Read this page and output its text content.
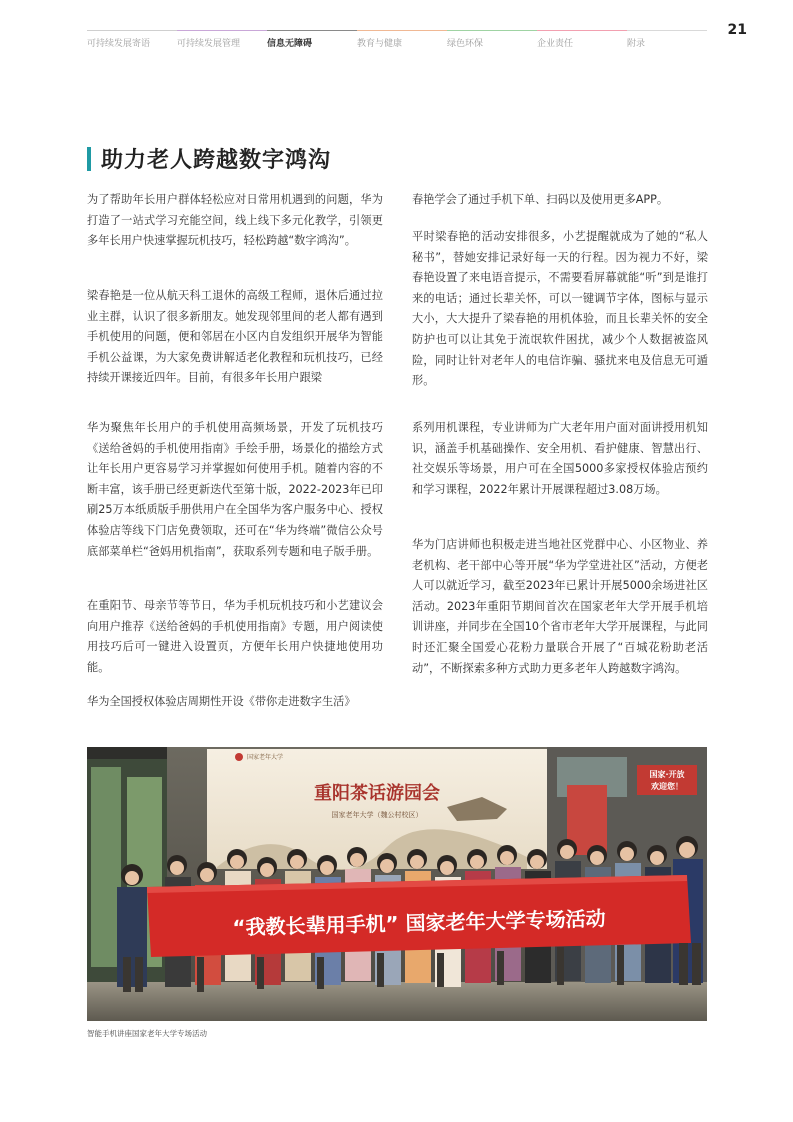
可持续发展寄语	可持续发展管理	信息无障碍	教育与健康	绿色环保	企业责任	附录
21
助力老人跨越数字鸿沟

为了帮助年长用户群体轻松应对日常用机遇到的问题，华为打造了一站式学习充能空间，线上线下多元化教学，引领更多年长用户快速掌握玩机技巧，轻松跨越“数字鸿沟”。

梁春艳是一位从航天科工退休的高级工程师，退休后通过拉业主群，认识了很多新朋友。她发现邻里间的老人都有遇到手机使用的问题，便和邻居在小区内自发组织开展华为智能手机公益课，为大家免费讲解适老化教程和玩机技巧，已经持续开课接近四年。目前，有很多年长用户跟梁

春艳学会了通过手机下单、扫码以及使用更多APP。

平时梁春艳的活动安排很多，小艺提醒就成为了她的“私人秘书”，替她安排记录好每一天的行程。因为视力不好，梁春艳设置了来电语音提示，不需要看屏幕就能“听”到是谁打来的电话；通过长辈关怀，可以一键调节字体，图标与显示大小，大大提升了梁春艳的用机体验，而且长辈关怀的安全防护也可以让其免于流氓软件困扰，减少个人数据被盗风险，同时让针对老年人的电信诈骗、骚扰来电及信息无可遁形。

华为聚焦年长用户的手机使用高频场景，开发了玩机技巧《送给爸妈的手机使用指南》手绘手册，场景化的描绘方式让年长用户更容易学习并掌握如何使用手机。随着内容的不断丰富，该手册已经更新迭代至第十版，2022-2023年已印刷25万本纸质版手册供用户在全国华为客户服务中心、授权体验店等线下门店免费领取，还可在“华为终端”微信公众号底部菜单栏“爸妈用机指南”，获取系列专题和电子版手册。

在重阳节、母亲节等节日，华为手机玩机技巧和小艺建议会向用户推荐《送给爸妈的手机使用指南》专题，用户阅读使用技巧后可一键进入设置页，方便年长用户快捷地使用功能。

华为全国授权体验店周期性开设《带你走进数字生活》

系列用机课程，专业讲师为广大老年用户面对面讲授用机知识，涵盖手机基础操作、安全用机、看护健康、智慧出行、社交娱乐等场景，用户可在全国5000多家授权体验店预约和学习课程，2022年累计开展课程超过3.08万场。

华为门店讲师也积极走进当地社区党群中心、小区物业、养老机构、老干部中心等开展“华为学堂进社区”活动，方便老人可以就近学习，截至2023年已累计开展5000余场进社区活动。2023年重阳节期间首次在国家老年大学开展手机培训讲座，并同步在全国10个省市老年大学开展课程，与此同时还汇聚全国爱心花粉力量联合开展了“百城花粉助老活动”，不断探索多种方式助力更多老年人跨越数字鸿沟。

国家·开放
欢迎您！
国家老年大学
重阳茶话游园会
国家老年大学（魏公村校区）
“我教长辈用手机” 国家老年大学专场活动
智能手机讲座国家老年大学专场活动
